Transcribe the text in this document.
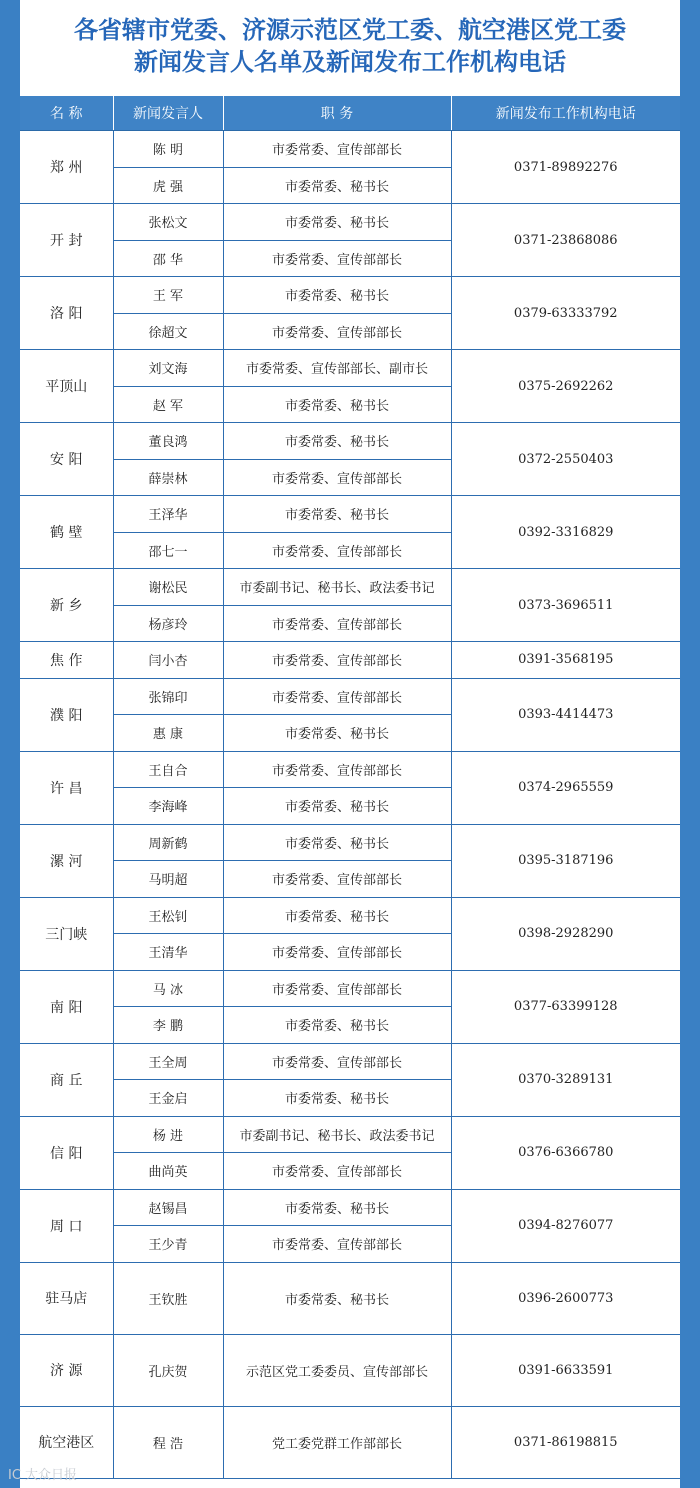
各省辖市党委、济源示范区党工委、航空港区党工委
新闻发言人名单及新闻发布工作机构电话
名 称	新闻发言人	职 务	新闻发布工作机构电话
郑 州	陈 明	市委常委、宣传部部长	0371-89892276
	虎 强	市委常委、秘书长	
开 封	张松文	市委常委、秘书长	0371-23868086
	邵 华	市委常委、宣传部部长	
洛 阳	王 军	市委常委、秘书长	0379-63333792
	徐超文	市委常委、宣传部部长	
平顶山	刘文海	市委常委、宣传部部长、副市长	0375-2692262
	赵 军	市委常委、秘书长	
安 阳	董良鸿	市委常委、秘书长	0372-2550403
	薛崇林	市委常委、宣传部部长	
鹤 壁	王泽华	市委常委、秘书长	0392-3316829
	邵七一	市委常委、宣传部部长	
新 乡	谢松民	市委副书记、秘书长、政法委书记	0373-3696511
	杨彦玲	市委常委、宣传部部长	
焦 作	闫小杏	市委常委、宣传部部长	0391-3568195
濮 阳	张锦印	市委常委、宣传部部长	0393-4414473
	惠 康	市委常委、秘书长	
许 昌	王自合	市委常委、宣传部部长	0374-2965559
	李海峰	市委常委、秘书长	
漯 河	周新鹤	市委常委、秘书长	0395-3187196
	马明超	市委常委、宣传部部长	
三门峡	王松钊	市委常委、秘书长	0398-2928290
	王清华	市委常委、宣传部部长	
南 阳	马 冰	市委常委、宣传部部长	0377-63399128
	李 鹏	市委常委、秘书长	
商 丘	王全周	市委常委、宣传部部长	0370-3289131
	王金启	市委常委、秘书长	
信 阳	杨 进	市委副书记、秘书长、政法委书记	0376-6366780
	曲尚英	市委常委、宣传部部长	
周 口	赵锡昌	市委常委、秘书长	0394-8276077
	王少青	市委常委、宣传部部长	
驻马店	王钦胜	市委常委、秘书长	0396-2600773
济 源	孔庆贺	示范区党工委委员、宣传部部长	0391-6633591
航空港区	程 浩	党工委党群工作部部长	0371-86198815
IC 大众日报
